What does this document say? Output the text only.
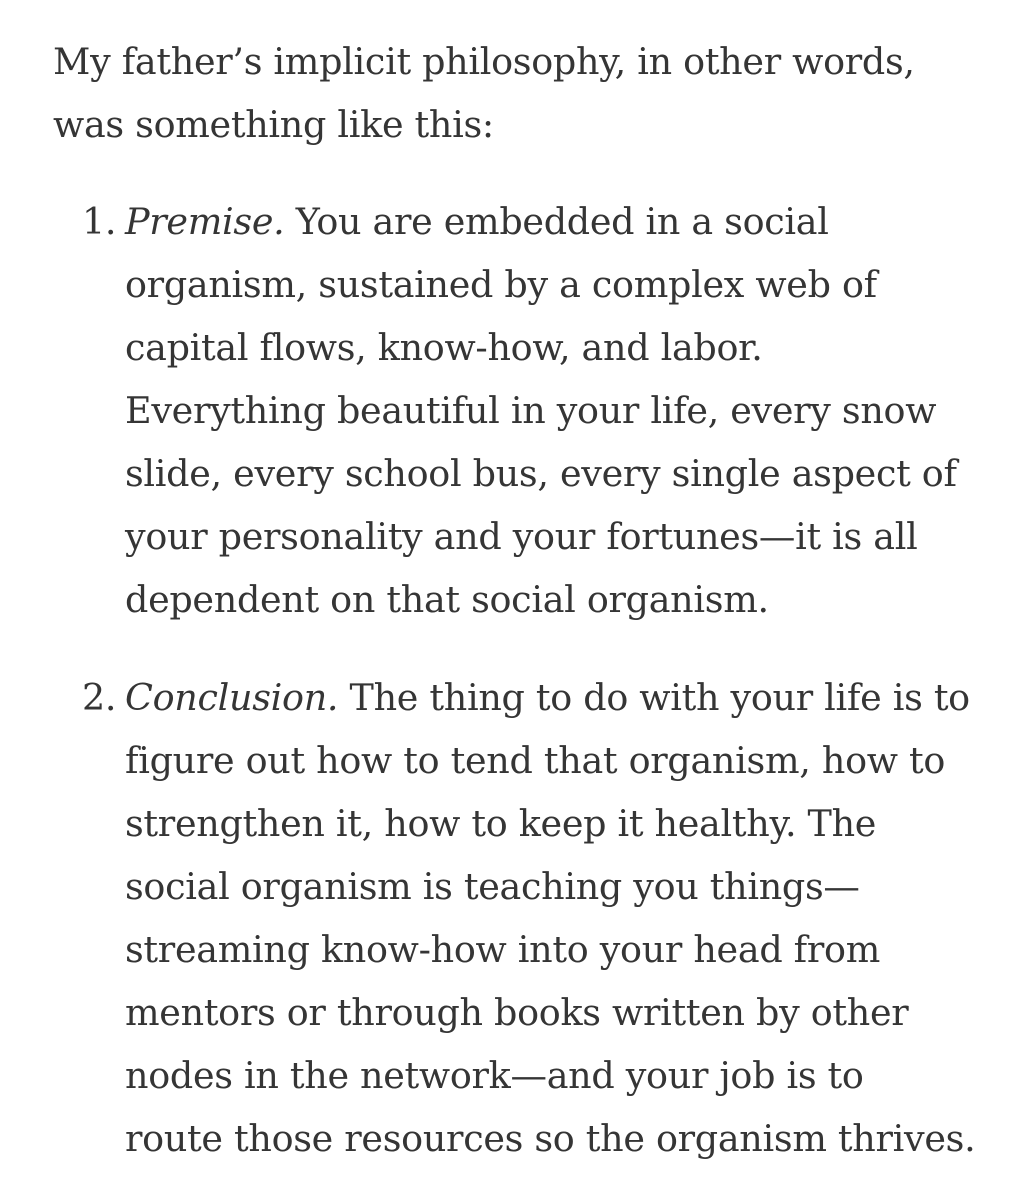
My father’s implicit philosophy, in other words,
was something like this:

1. Premise. You are embedded in a social
organism, sustained by a complex web of
capital flows, know-how, and labor.
Everything beautiful in your life, every snow
slide, every school bus, every single aspect of
your personality and your fortunes—it is all
dependent on that social organism.
2. Conclusion. The thing to do with your life is to
figure out how to tend that organism, how to
strengthen it, how to keep it healthy. The
social organism is teaching you things—
streaming know-how into your head from
mentors or through books written by other
nodes in the network—and your job is to
route those resources so the organism thrives.
